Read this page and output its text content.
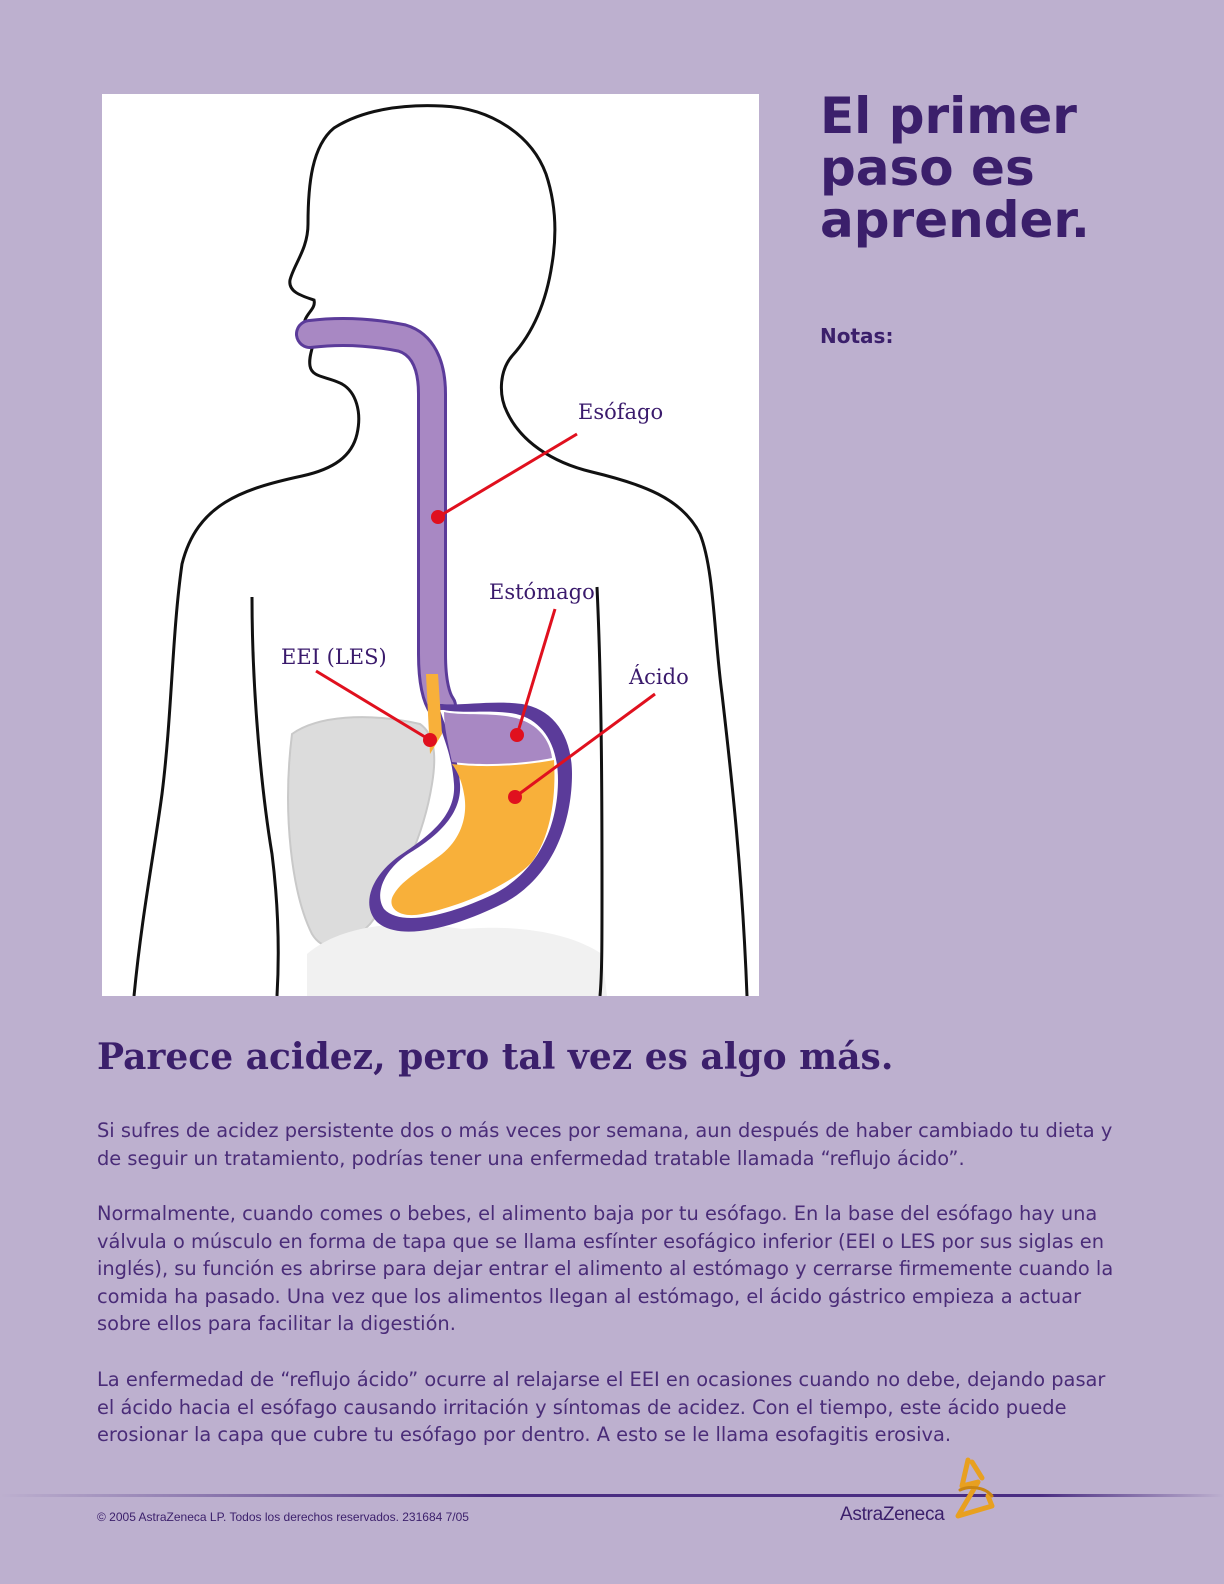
Esófago
Estómago
EEI (LES)
Ácido
El primer
paso es
aprender.
Notas:
Parece acidez, pero tal vez es algo más.

Si sufres de acidez persistente dos o más veces por semana, aun después de haber cambiado tu dieta y de seguir un tratamiento, podrías tener una enfermedad tratable llamada “reflujo ácido”.

Normalmente, cuando comes o bebes, el alimento baja por tu esófago. En la base del esófago hay una válvula o músculo en forma de tapa que se llama esfínter esofágico inferior (EEI o LES por sus siglas en inglés), su función es abrirse para dejar entrar el alimento al estómago y cerrarse firmemente cuando la comida ha pasado. Una vez que los alimentos llegan al estómago, el ácido gástrico empieza a actuar sobre ellos para facilitar la digestión.

La enfermedad de “reflujo ácido” ocurre al relajarse el EEI en ocasiones cuando no debe, dejando pasar el ácido hacia el esófago causando irritación y síntomas de acidez. Con el tiempo, este ácido puede erosionar la capa que cubre tu esófago por dentro. A esto se le llama esofagitis erosiva.

© 2005 AstraZeneca LP. Todos los derechos reservados. 231684 7/05	AstraZeneca
